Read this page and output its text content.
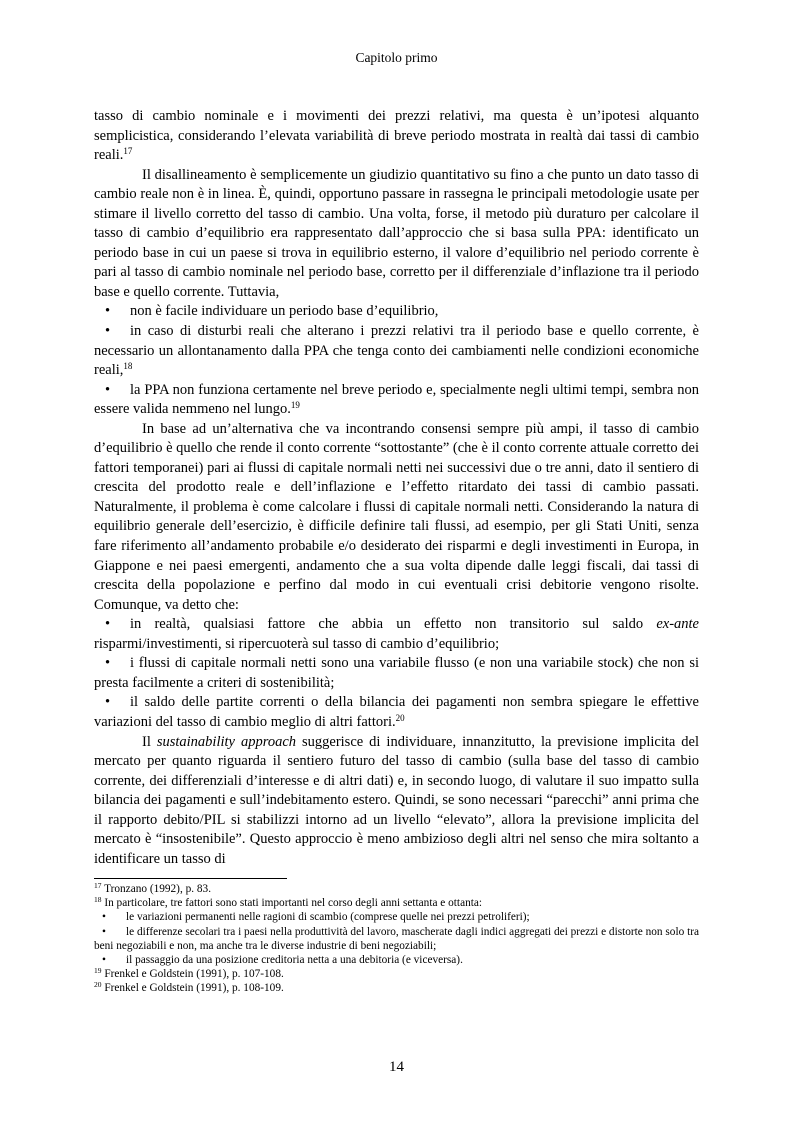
Capitolo primo

tasso di cambio nominale e i movimenti dei prezzi relativi, ma questa è un’ipotesi alquanto semplicistica, considerando l’elevata variabilità di breve periodo mostrata in realtà dai tassi di cambio reali.$^{17}$

Il disallineamento è semplicemente un giudizio quantitativo su fino a che punto un dato tasso di cambio reale non è in linea. È, quindi, opportuno passare in rassegna le principali metodologie usate per stimare il livello corretto del tasso di cambio. Una volta, forse, il metodo più duraturo per calcolare il tasso di cambio d’equilibrio era rappresentato dall’approccio che si basa sulla PPA: identificato un periodo base in cui un paese si trova in equilibrio esterno, il valore d’equilibrio nel periodo corrente è pari al tasso di cambio nominale nel periodo base, corretto per il differenziale d’inflazione tra il periodo base e quello corrente. Tuttavia,

• non è facile individuare un periodo base d’equilibrio,

• in caso di disturbi reali che alterano i prezzi relativi tra il periodo base e quello corrente, è necessario un allontanamento dalla PPA che tenga conto dei cambiamenti nelle condizioni economiche reali,$^{18}$

• la PPA non funziona certamente nel breve periodo e, specialmente negli ultimi tempi, sembra non essere valida nemmeno nel lungo.$^{19}$

In base ad un’alternativa che va incontrando consensi sempre più ampi, il tasso di cambio d’equilibrio è quello che rende il conto corrente “sottostante” (che è il conto corrente attuale corretto dei fattori temporanei) pari ai flussi di capitale normali netti nei successivi due o tre anni, dato il sentiero di crescita del prodotto reale e dell’inflazione e l’effetto ritardato dei tassi di cambio passati. Naturalmente, il problema è come calcolare i flussi di capitale normali netti. Considerando la natura di equilibrio generale dell’esercizio, è difficile definire tali flussi, ad esempio, per gli Stati Uniti, senza fare riferimento all’andamento probabile e/o desiderato dei risparmi e degli investimenti in Europa, in Giappone e nei paesi emergenti, andamento che a sua volta dipende dalle leggi fiscali, dai tassi di crescita della popolazione e perfino dal modo in cui eventuali crisi debitorie vengono risolte. Comunque, va detto che:

• in realtà, qualsiasi fattore che abbia un effetto non transitorio sul saldo ex-ante risparmi/investimenti, si ripercuoterà sul tasso di cambio d’equilibrio;

• i flussi di capitale normali netti sono una variabile flusso (e non una variabile stock) che non si presta facilmente a criteri di sostenibilità;

• il saldo delle partite correnti o della bilancia dei pagamenti non sembra spiegare le effettive variazioni del tasso di cambio meglio di altri fattori.$^{20}$

Il sustainability approach suggerisce di individuare, innanzitutto, la previsione implicita del mercato per quanto riguarda il sentiero futuro del tasso di cambio (sulla base del tasso di cambio corrente, dei differenziali d’interesse e di altri dati) e, in secondo luogo, di valutare il suo impatto sulla bilancia dei pagamenti e sull’indebitamento estero. Quindi, se sono necessari “parecchi” anni prima che il rapporto debito/PIL si stabilizzi intorno ad un livello “elevato”, allora la previsione implicita del mercato è “insostenibile”. Questo approccio è meno ambizioso degli altri nel senso che mira soltanto a identificare un tasso di

$^{17}$ Tronzano (1992), p. 83.

$^{18}$ In particolare, tre fattori sono stati importanti nel corso degli anni settanta e ottanta:

• le variazioni permanenti nelle ragioni di scambio (comprese quelle nei prezzi petroliferi);

• le differenze secolari tra i paesi nella produttività del lavoro, mascherate dagli indici aggregati dei prezzi e distorte non solo tra beni negoziabili e non, ma anche tra le diverse industrie di beni negoziabili;

• il passaggio da una posizione creditoria netta a una debitoria (e viceversa).

$^{19}$ Frenkel e Goldstein (1991), p. 107-108.

$^{20}$ Frenkel e Goldstein (1991), p. 108-109.

14
